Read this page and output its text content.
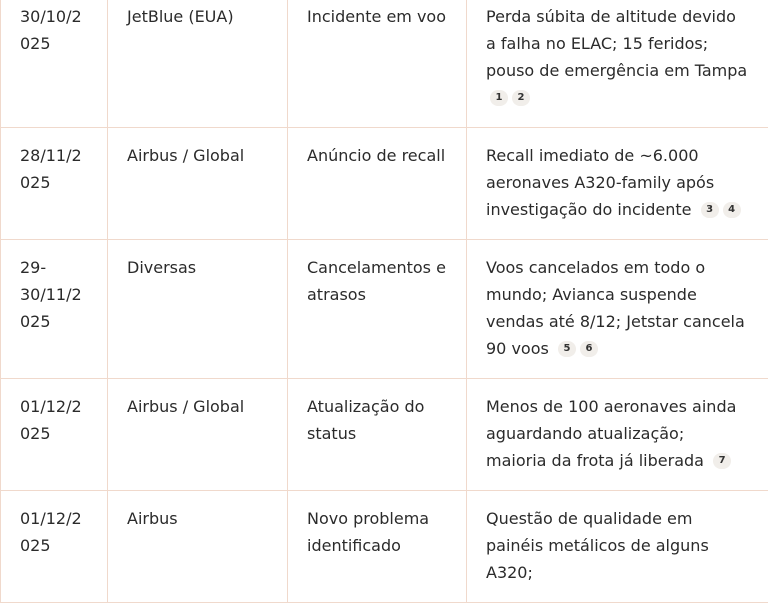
30/10/2025	JetBlue (EUA)	Incidente em voo	Perda súbita de altitude devido a falha no ELAC; 15 feridos; pouso de emergência em Tampa 1 2
28/11/2025	Airbus / Global	Anúncio de recall	Recall imediato de ~6.000 aeronaves A320-family após investigação do incidente 3 4
29-30/11/2025	Diversas	Cancelamentos e atrasos	Voos cancelados em todo o mundo; Avianca suspende vendas até 8/12; Jetstar cancela 90 voos 5 6
01/12/2025	Airbus / Global	Atualização do status	Menos de 100 aeronaves ainda aguardando atualização; maioria da frota já liberada 7
01/12/2025	Airbus	Novo problema identificado	Questão de qualidade em painéis metálicos de alguns A320;
